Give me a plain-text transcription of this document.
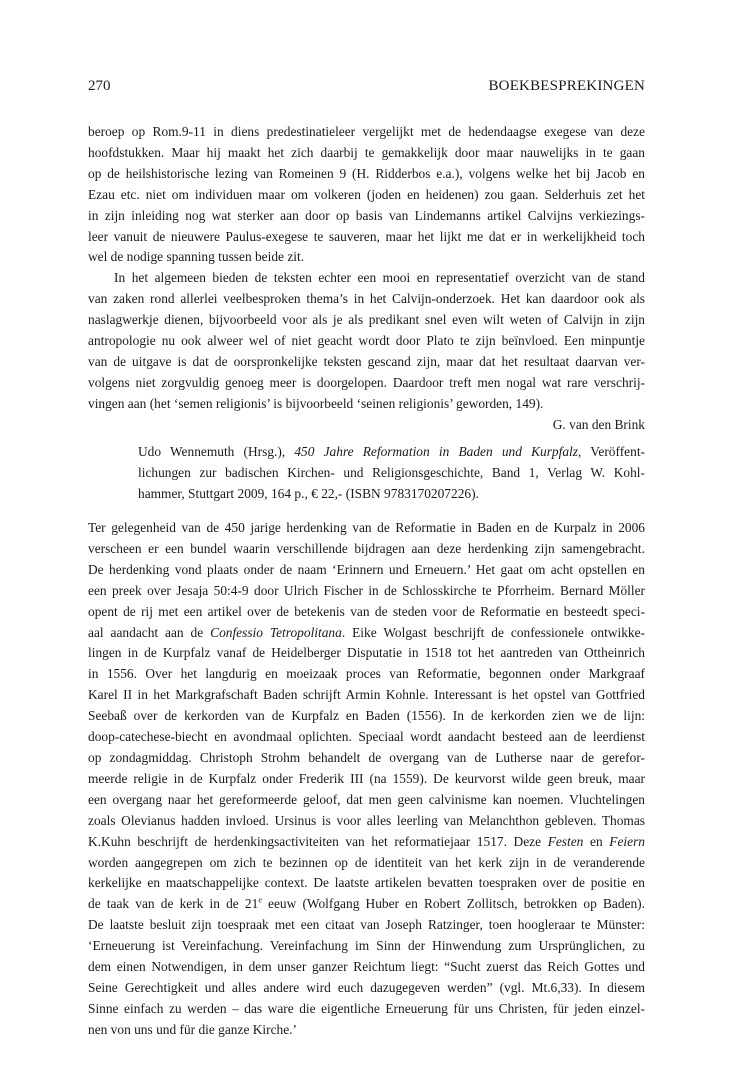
270	BOEKBESPREKINGEN

beroep op Rom.9-11 in diens predestinatieleer vergelijkt met de hedendaagse exegese van deze
hoofdstukken. Maar hij maakt het zich daarbij te gemakkelijk door maar nauwelijks in te gaan
op de heilshistorische lezing van Romeinen 9 (H. Ridderbos e.a.), volgens welke het bij Jacob en
Ezau etc. niet om individuen maar om volkeren (joden en heidenen) zou gaan. Selderhuis zet het
in zijn inleiding nog wat sterker aan door op basis van Lindemanns artikel Calvijns verkiezings-
leer vanuit de nieuwere Paulus-exegese te sauveren, maar het lijkt me dat er in werkelijkheid toch
wel de nodige spanning tussen beide zit.

In het algemeen bieden de teksten echter een mooi en representatief overzicht van de stand
van zaken rond allerlei veelbesproken thema’s in het Calvijn-onderzoek. Het kan daardoor ook als
naslagwerkje dienen, bijvoorbeeld voor als je als predikant snel even wilt weten of Calvijn in zijn
antropologie nu ook alweer wel of niet geacht wordt door Plato te zijn beïnvloed. Een minpuntje
van de uitgave is dat de oorspronkelijke teksten gescand zijn, maar dat het resultaat daarvan ver-
volgens niet zorgvuldig genoeg meer is doorgelopen. Daardoor treft men nogal wat rare verschrij-
vingen aan (het ‘semen religionis’ is bijvoorbeeld ‘seinen religionis’ geworden, 149).

G. van den Brink

Udo Wennemuth (Hrsg.), 450 Jahre Reformation in Baden und Kurpfalz, Veröffent-
lichungen zur badischen Kirchen- und Religionsgeschichte, Band 1, Verlag W. Kohl-
hammer, Stuttgart 2009, 164 p., € 22,- (ISBN 9783170207226).

Ter gelegenheid van de 450 jarige herdenking van de Reformatie in Baden en de Kurpalz in 2006
verscheen er een bundel waarin verschillende bijdragen aan deze herdenking zijn samengebracht.
De herdenking vond plaats onder de naam ‘Erinnern und Erneuern.’ Het gaat om acht opstellen en
een preek over Jesaja 50:4-9 door Ulrich Fischer in de Schlosskirche te Pforrheim. Bernard Möller
opent de rij met een artikel over de betekenis van de steden voor de Reformatie en besteedt speci-
aal aandacht aan de Confessio Tetropolitana. Eike Wolgast beschrijft de confessionele ontwikke-
lingen in de Kurpfalz vanaf de Heidelberger Disputatie in 1518 tot het aantreden van Ottheinrich
in 1556. Over het langdurig en moeizaak proces van Reformatie, begonnen onder Markgraaf
Karel II in het Markgrafschaft Baden schrijft Armin Kohnle. Interessant is het opstel van Gottfried
Seebaß over de kerkorden van de Kurpfalz en Baden (1556). In de kerkorden zien we de lijn:
doop-catechese-biecht en avondmaal oplichten. Speciaal wordt aandacht besteed aan de leerdienst
op zondagmiddag. Christoph Strohm behandelt de overgang van de Lutherse naar de gerefor-
meerde religie in de Kurpfalz onder Frederik III (na 1559). De keurvorst wilde geen breuk, maar
een overgang naar het gereformeerde geloof, dat men geen calvinisme kan noemen. Vluchtelingen
zoals Olevianus hadden invloed. Ursinus is voor alles leerling van Melanchthon gebleven. Thomas
K.Kuhn beschrijft de herdenkingsactiviteiten van het reformatiejaar 1517. Deze Festen en Feiern
worden aangegrepen om zich te bezinnen op de identiteit van het kerk zijn in de veranderende
kerkelijke en maatschappelijke context. De laatste artikelen bevatten toespraken over de positie en
de taak van de kerk in de 21e eeuw (Wolfgang Huber en Robert Zollitsch, betrokken op Baden).
De laatste besluit zijn toespraak met een citaat van Joseph Ratzinger, toen hoogleraar te Münster:
‘Erneuerung ist Vereinfachung. Vereinfachung im Sinn der Hinwendung zum Ursprünglichen, zu
dem einen Notwendigen, in dem unser ganzer Reichtum liegt: “Sucht zuerst das Reich Gottes und
Seine Gerechtigkeit und alles andere wird euch dazugegeven werden” (vgl. Mt.6,33). In diesem
Sinne einfach zu werden – das ware die eigentliche Erneuerung für uns Christen, für jeden einzel-
nen von uns und für die ganze Kirche.’
